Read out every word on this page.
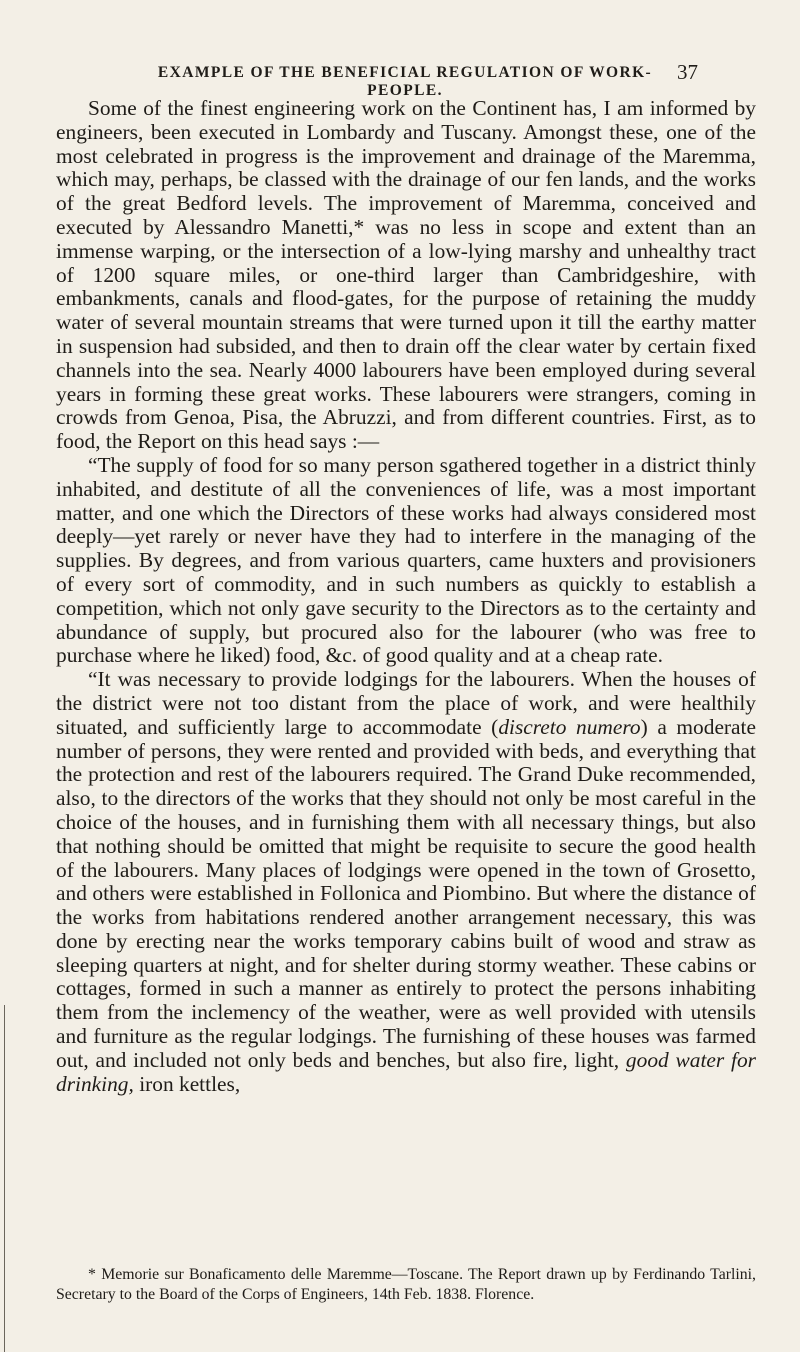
EXAMPLE OF THE BENEFICIAL REGULATION OF WORK-PEOPLE.
37

Some of the finest engineering work on the Continent has, I am informed by engineers, been executed in Lombardy and Tuscany. Amongst these, one of the most celebrated in progress is the improvement and drainage of the Maremma, which may, perhaps, be classed with the drainage of our fen lands, and the works of the great Bedford levels. The improvement of Maremma, conceived and executed by Alessandro Manetti,* was no less in scope and extent than an immense warping, or the intersection of a low-lying marshy and unhealthy tract of 1200 square miles, or one-third larger than Cambridgeshire, with embankments, canals and flood-gates, for the purpose of retaining the muddy water of several mountain streams that were turned upon it till the earthy matter in suspension had subsided, and then to drain off the clear water by certain fixed channels into the sea. Nearly 4000 labourers have been employed during several years in forming these great works. These labourers were strangers, coming in crowds from Genoa, Pisa, the Abruzzi, and from different countries. First, as to food, the Report on this head says :—

“The supply of food for so many person sgathered together in a district thinly inhabited, and destitute of all the conveniences of life, was a most important matter, and one which the Directors of these works had always considered most deeply—yet rarely or never have they had to interfere in the managing of the supplies. By degrees, and from various quarters, came huxters and provisioners of every sort of commodity, and in such numbers as quickly to establish a competition, which not only gave security to the Directors as to the certainty and abundance of supply, but procured also for the labourer (who was free to purchase where he liked) food, &c. of good quality and at a cheap rate.

“It was necessary to provide lodgings for the labourers. When the houses of the district were not too distant from the place of work, and were healthily situated, and sufficiently large to accommodate (discreto numero) a moderate number of persons, they were rented and provided with beds, and everything that the protection and rest of the labourers required. The Grand Duke recommended, also, to the directors of the works that they should not only be most careful in the choice of the houses, and in furnishing them with all necessary things, but also that nothing should be omitted that might be requisite to secure the good health of the labourers. Many places of lodgings were opened in the town of Grosetto, and others were established in Follonica and Piombino. But where the distance of the works from habitations rendered another arrangement necessary, this was done by erecting near the works temporary cabins built of wood and straw as sleeping quarters at night, and for shelter during stormy weather. These cabins or cottages, formed in such a manner as entirely to protect the persons inhabiting them from the inclemency of the weather, were as well provided with utensils and furniture as the regular lodgings. The furnishing of these houses was farmed out, and included not only beds and benches, but also fire, light, good water for drinking, iron kettles,

* Memorie sur Bonaficamento delle Maremme—Toscane. The Report drawn up by Ferdinando Tarlini, Secretary to the Board of the Corps of Engineers, 14th Feb. 1838. Florence.
